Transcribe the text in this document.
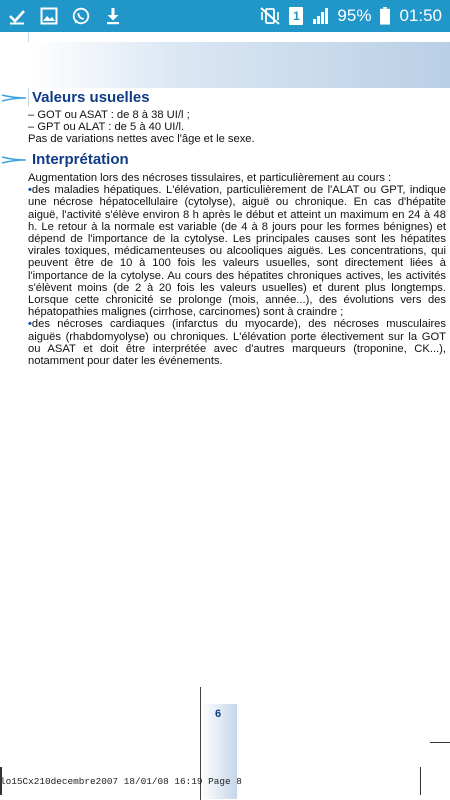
1 95% 01:50
Valeurs usuelles

– GOT ou ASAT : de 8 à 38 UI/l ;

– GPT ou ALAT : de 5 à 40 UI/l.

Pas de variations nettes avec l'âge et le sexe.

Interprétation

Augmentation lors des nécroses tissulaires, et particulièrement au cours :

•des maladies hépatiques. L'élévation, particulièrement de l'ALAT ou GPT, indique une nécrose hépatocellulaire (cytolyse), aiguë ou chronique. En cas d'hépatite aiguë, l'activité s'élève environ 8 h après le début et atteint un maximum en 24 à 48 h. Le retour à la normale est variable (de 4 à 8 jours pour les formes bénignes) et dépend de l'importance de la cytolyse. Les principales causes sont les hépatites virales toxiques, médicamenteuses ou alcooliques aiguës. Les concentrations, qui peuvent être de 10 à 100 fois les valeurs usuelles, sont directement liées à l'importance de la cytolyse. Au cours des hépatites chroniques actives, les activités s'élèvent moins (de 2 à 20 fois les valeurs usuelles) et durent plus longtemps. Lorsque cette chronicité se prolonge (mois, année...), des évolutions vers des hépatopathies malignes (cirrhose, carcinomes) sont à craindre ;

•des nécroses cardiaques (infarctus du myocarde), des nécroses musculaires aiguës (rhabdomyolyse) ou chroniques. L'élévation porte électivement sur la GOT ou ASAT et doit être interprétée avec d'autres marqueurs (troponine, CK...), notamment pour dater les événements.

6
lo15Cx210decembre2007 18/01/08 16:19 Page 8
